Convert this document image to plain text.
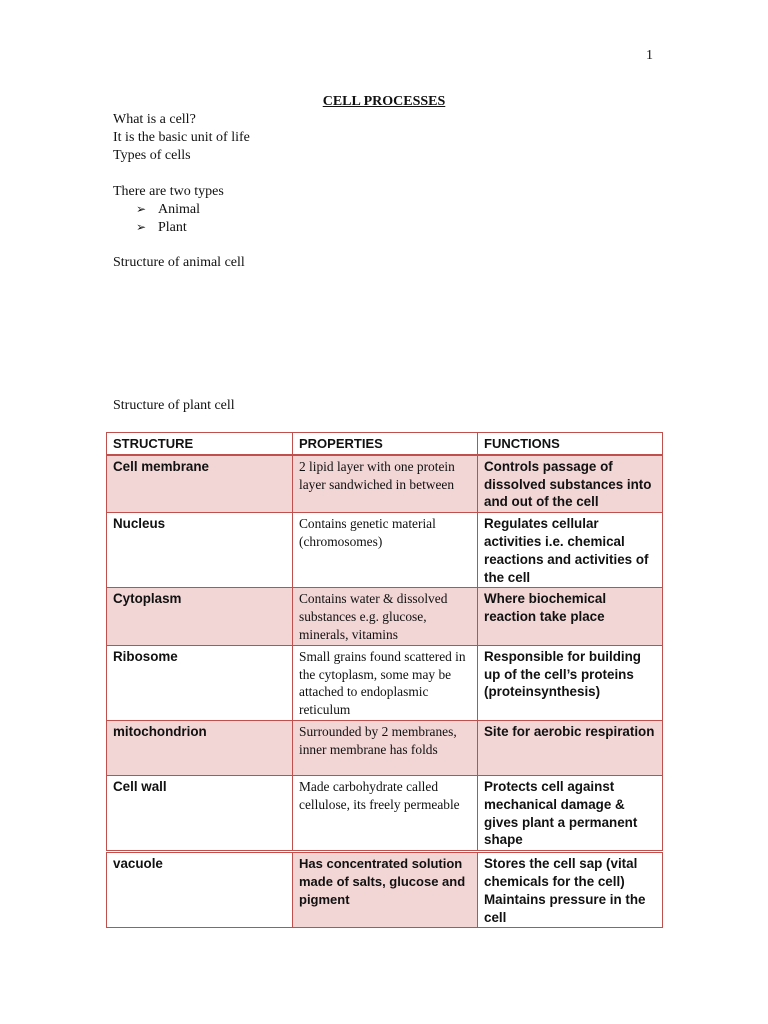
1
CELL PROCESSES
What is a cell?
It is the basic unit of life
Types of cells
There are two types
➢ Animal
➢ Plant
Structure of animal cell
Structure of plant cell
STRUCTURE	PROPERTIES	FUNCTIONS
Cell membrane	2 lipid layer with one protein layer sandwiched in between	Controls passage of dissolved substances into and out of the cell
Nucleus	Contains genetic material (chromosomes)	Regulates cellular activities i.e. chemical reactions and activities of the cell
Cytoplasm	Contains water & dissolved substances e.g. glucose, minerals, vitamins	Where biochemical reaction take place
Ribosome	Small grains found scattered in the cytoplasm, some may be attached to endoplasmic reticulum	Responsible for building up of the cell’s proteins (proteinsynthesis)
mitochondrion	Surrounded by 2 membranes, inner membrane has folds	Site for aerobic respiration
Cell wall	Made carbohydrate called cellulose, its freely permeable	Protects cell against mechanical damage & gives plant a permanent shape
vacuole	Has concentrated solution made of salts, glucose and pigment	Stores the cell sap (vital chemicals for the cell) Maintains pressure in the cell
